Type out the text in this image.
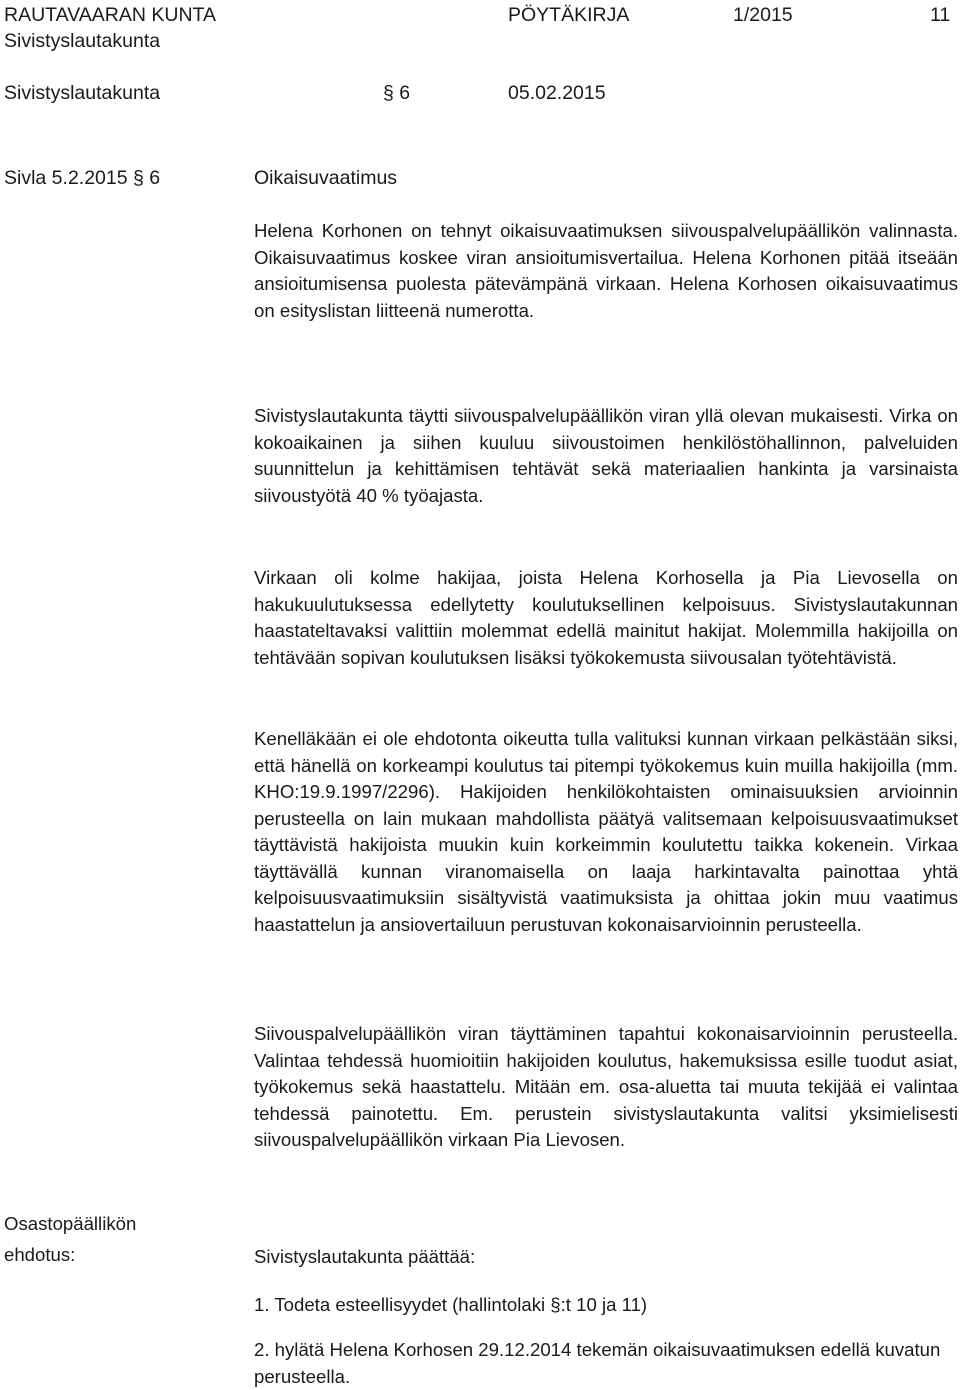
RAUTAVAARAN KUNTA	PÖYTÄKIRJA	1/2015	11
Sivistyslautakunta
Sivistyslautakunta	§ 6	05.02.2015
Sivla 5.2.2015 § 6	Oikaisuvaatimus

Helena Korhonen on tehnyt oikaisuvaatimuksen siivouspalvelupäällikön valinnasta. Oikaisuvaatimus koskee viran ansioitumisvertailua. Helena Korhonen pitää itseään ansioitumisensa puolesta pätevämpänä virkaan. Helena Korhosen oikaisuvaatimus on esityslistan liitteenä numerotta.

Sivistyslautakunta täytti siivouspalvelupäällikön viran yllä olevan mukaisesti. Virka on kokoaikainen ja siihen kuuluu siivoustoimen henkilöstöhallinnon, palveluiden suunnittelun ja kehittämisen tehtävät sekä materiaalien hankinta ja varsinaista siivoustyötä 40 % työajasta.

Virkaan oli kolme hakijaa, joista Helena Korhosella ja Pia Lievosella on hakukuulutuksessa edellytetty koulutuksellinen kelpoisuus. Sivistyslautakunnan haastateltavaksi valittiin molemmat edellä mainitut hakijat. Molemmilla hakijoilla on tehtävään sopivan koulutuksen lisäksi työkokemusta siivousalan työtehtävistä.

Kenelläkään ei ole ehdotonta oikeutta tulla valituksi kunnan virkaan pelkästään siksi, että hänellä on korkeampi koulutus tai pitempi työkokemus kuin muilla hakijoilla (mm. KHO:19.9.1997/2296). Hakijoiden henkilökohtaisten ominaisuuksien arvioinnin perusteella on lain mukaan mahdollista päätyä valitsemaan kelpoisuusvaatimukset täyttävistä hakijoista muukin kuin korkeimmin koulutettu taikka kokenein. Virkaa täyttävällä kunnan viranomaisella on laaja harkintavalta painottaa yhtä kelpoisuusvaatimuksiin sisältyvistä vaatimuksista ja ohittaa jokin muu vaatimus haastattelun ja ansiovertailuun perustuvan kokonaisarvioinnin perusteella.

Siivouspalvelupäällikön viran täyttäminen tapahtui kokonaisarvioinnin perusteella. Valintaa tehdessä huomioitiin hakijoiden koulutus, hakemuksissa esille tuodut asiat, työkokemus sekä haastattelu. Mitään em. osa-aluetta tai muuta tekijää ei valintaa tehdessä painotettu. Em. perustein sivistyslautakunta valitsi yksimielisesti siivouspalvelupäällikön virkaan Pia Lievosen.

Osastopäällikön
ehdotus:	Sivistyslautakunta päättää:
1. Todeta esteellisyydet (hallintolaki §:t 10 ja 11)
2. hylätä Helena Korhosen 29.12.2014 tekemän oikaisuvaatimuksen edellä kuvatun perusteella.
